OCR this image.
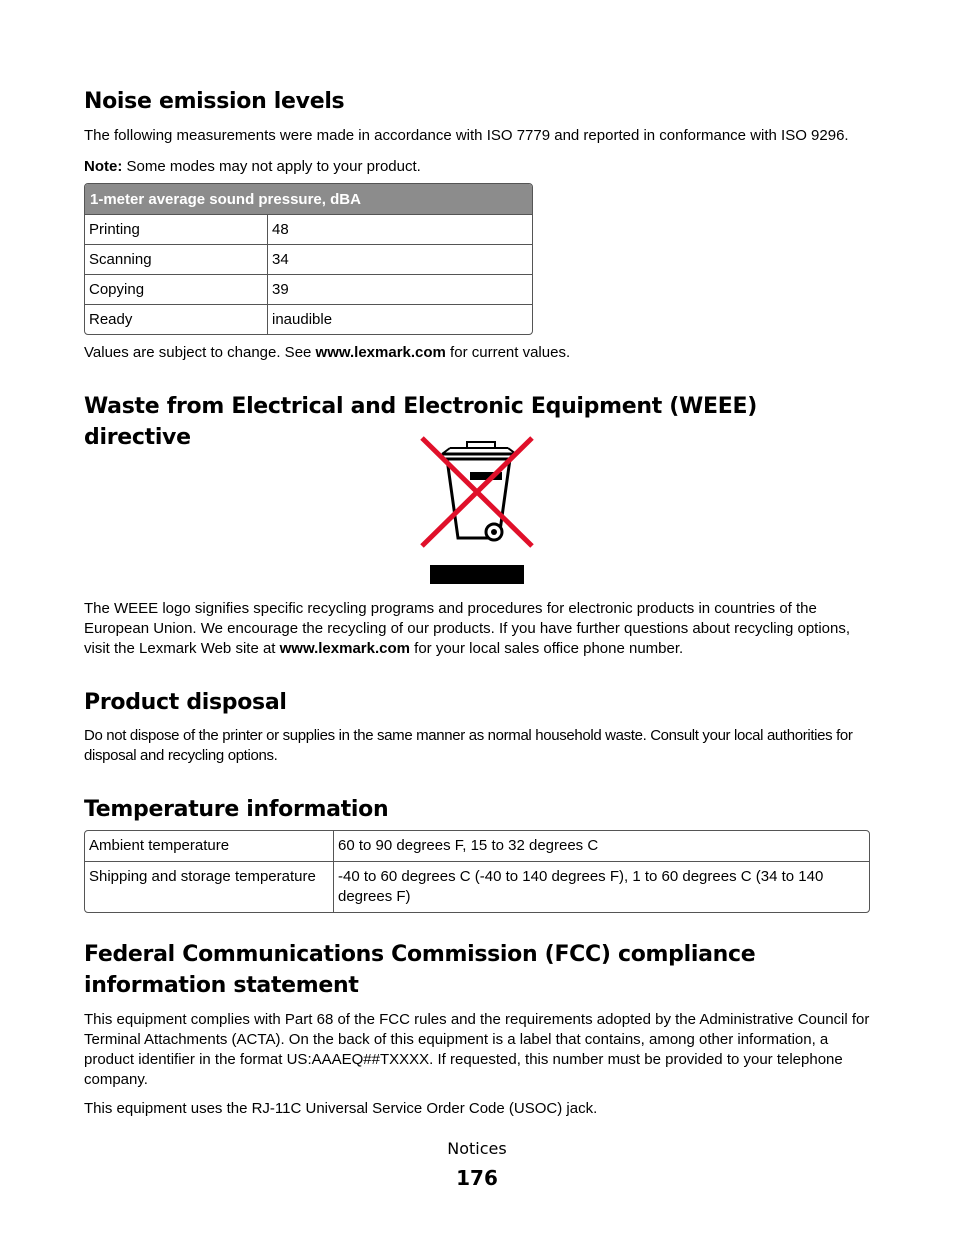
Noise emission levels

The following measurements were made in accordance with ISO 7779 and reported in conformance with ISO 9296.

Note: Some modes may not apply to your product.

1-meter average sound pressure, dBA	
Printing	48
Scanning	34
Copying	39
Ready	inaudible

Values are subject to change. See www.lexmark.com for current values.

Waste from Electrical and Electronic Equipment (WEEE) directive

The WEEE logo signifies specific recycling programs and procedures for electronic products in countries of the European Union. We encourage the recycling of our products. If you have further questions about recycling options, visit the Lexmark Web site at www.lexmark.com for your local sales office phone number.

Product disposal

Do not dispose of the printer or supplies in the same manner as normal household waste. Consult your local authorities for disposal and recycling options.

Temperature information
Ambient temperature	60 to 90 degrees F, 15 to 32 degrees C
Shipping and storage temperature	-40 to 60 degrees C (-40 to 140 degrees F), 1 to 60 degrees C (34 to 140 degrees F)
Federal Communications Commission (FCC) compliance information statement

This equipment complies with Part 68 of the FCC rules and the requirements adopted by the Administrative Council for Terminal Attachments (ACTA). On the back of this equipment is a label that contains, among other information, a product identifier in the format US:AAAEQ##TXXXX. If requested, this number must be provided to your telephone company.

This equipment uses the RJ-11C Universal Service Order Code (USOC) jack.

Notices
176
